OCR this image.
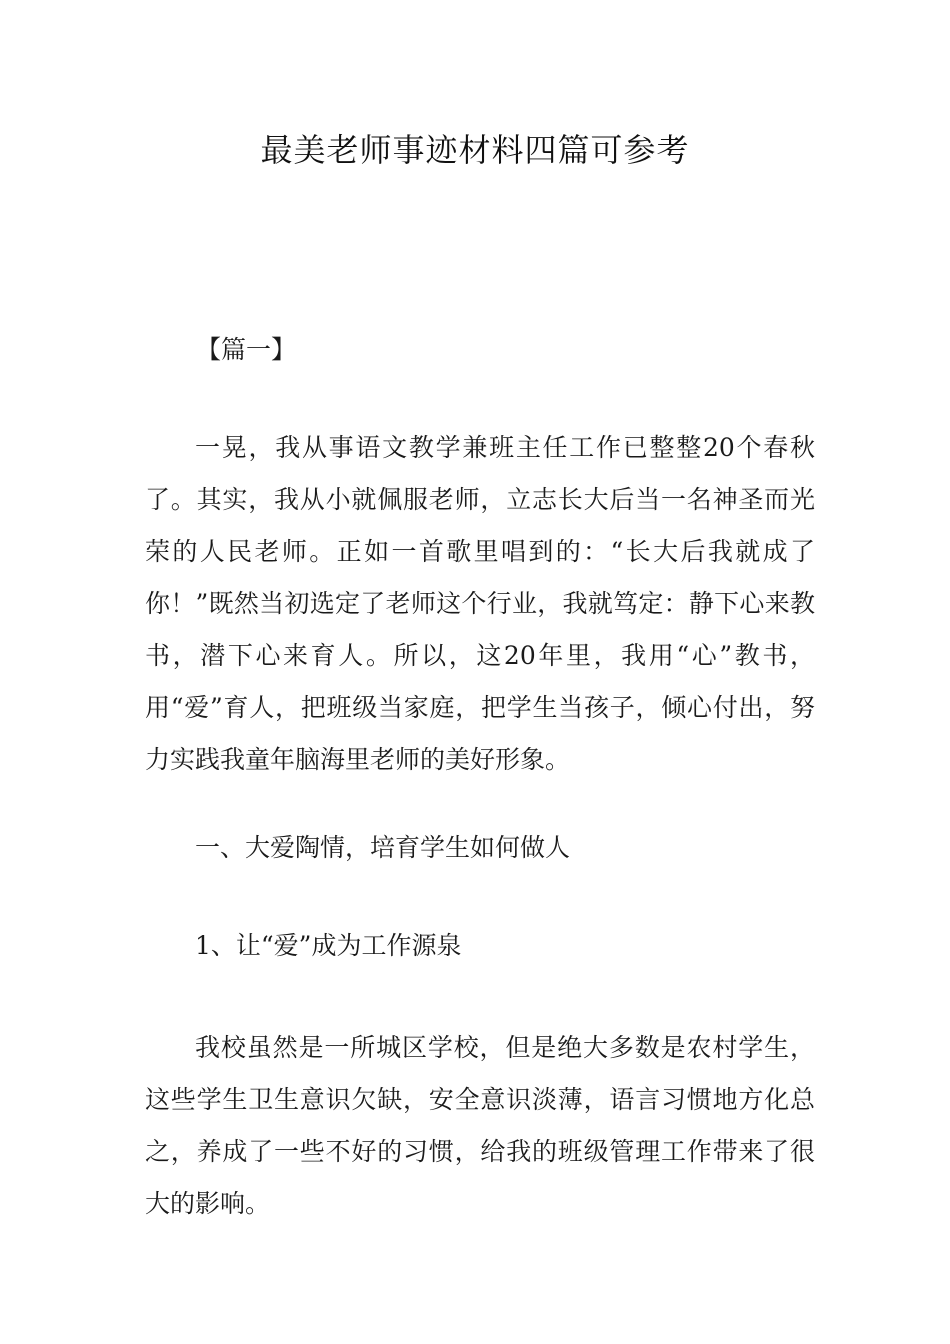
最美老师事迹材料四篇可参考
【篇一】
一晃，我从事语文教学兼班主任工作已整整20个春秋了。其实，我从小就佩服老师，立志长大后当一名神圣而光荣的人民老师。正如一首歌里唱到的：“长大后我就成了你！”既然当初选定了老师这个行业，我就笃定：静下心来教书，潜下心来育人。所以，这20年里，我用“心”教书，用“爱”育人，把班级当家庭，把学生当孩子，倾心付出，努力实践我童年脑海里老师的美好形象。
一、大爱陶情，培育学生如何做人
1、让“爱”成为工作源泉
我校虽然是一所城区学校，但是绝大多数是农村学生，这些学生卫生意识欠缺，安全意识淡薄，语言习惯地方化总之，养成了一些不好的习惯，给我的班级管理工作带来了很大的影响。
